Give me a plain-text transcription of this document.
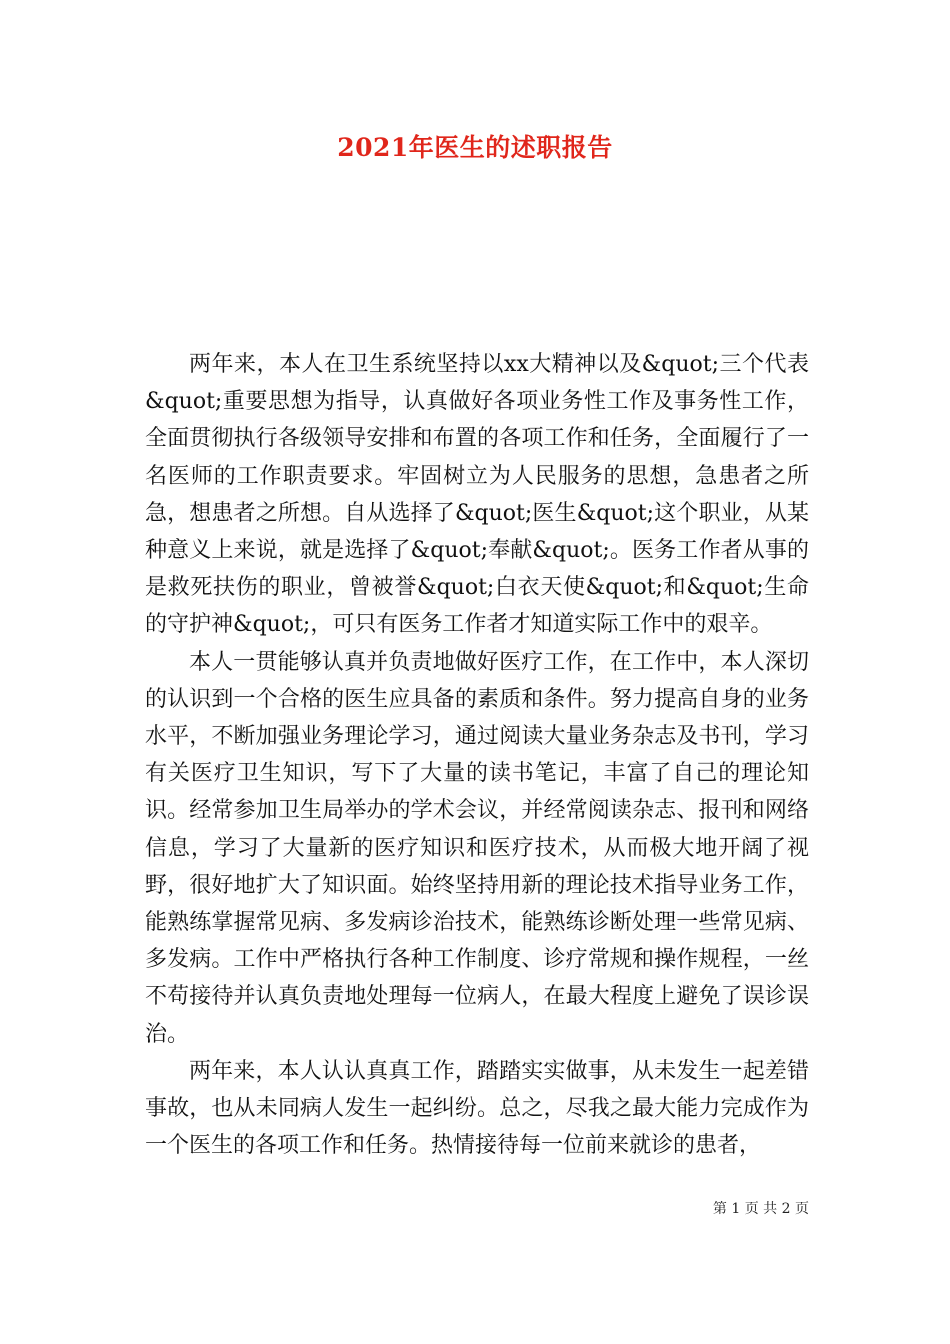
2021年医生的述职报告

两年来，本人在卫生系统坚持以xx大精神以及&quot;三个代表&quot;重要思想为指导，认真做好各项业务性工作及事务性工作，全面贯彻执行各级领导安排和布置的各项工作和任务，全面履行了一名医师的工作职责要求。牢固树立为人民服务的思想，急患者之所急，想患者之所想。自从选择了&quot;医生&quot;这个职业，从某种意义上来说，就是选择了&quot;奉献&quot;。医务工作者从事的是救死扶伤的职业，曾被誉&quot;白衣天使&quot;和&quot;生命的守护神&quot;，可只有医务工作者才知道实际工作中的艰辛。

本人一贯能够认真并负责地做好医疗工作，在工作中，本人深切的认识到一个合格的医生应具备的素质和条件。努力提高自身的业务水平，不断加强业务理论学习，通过阅读大量业务杂志及书刊，学习有关医疗卫生知识，写下了大量的读书笔记，丰富了自己的理论知识。经常参加卫生局举办的学术会议，并经常阅读杂志、报刊和网络信息，学习了大量新的医疗知识和医疗技术，从而极大地开阔了视野，很好地扩大了知识面。始终坚持用新的理论技术指导业务工作，能熟练掌握常见病、多发病诊治技术，能熟练诊断处理一些常见病、多发病。工作中严格执行各种工作制度、诊疗常规和操作规程，一丝不苟接待并认真负责地处理每一位病人，在最大程度上避免了误诊误治。

两年来，本人认认真真工作，踏踏实实做事，从未发生一起差错事故，也从未同病人发生一起纠纷。总之，尽我之最大能力完成作为一个医生的各项工作和任务。热情接待每一位前来就诊的患者，

第 1 页 共 2 页
